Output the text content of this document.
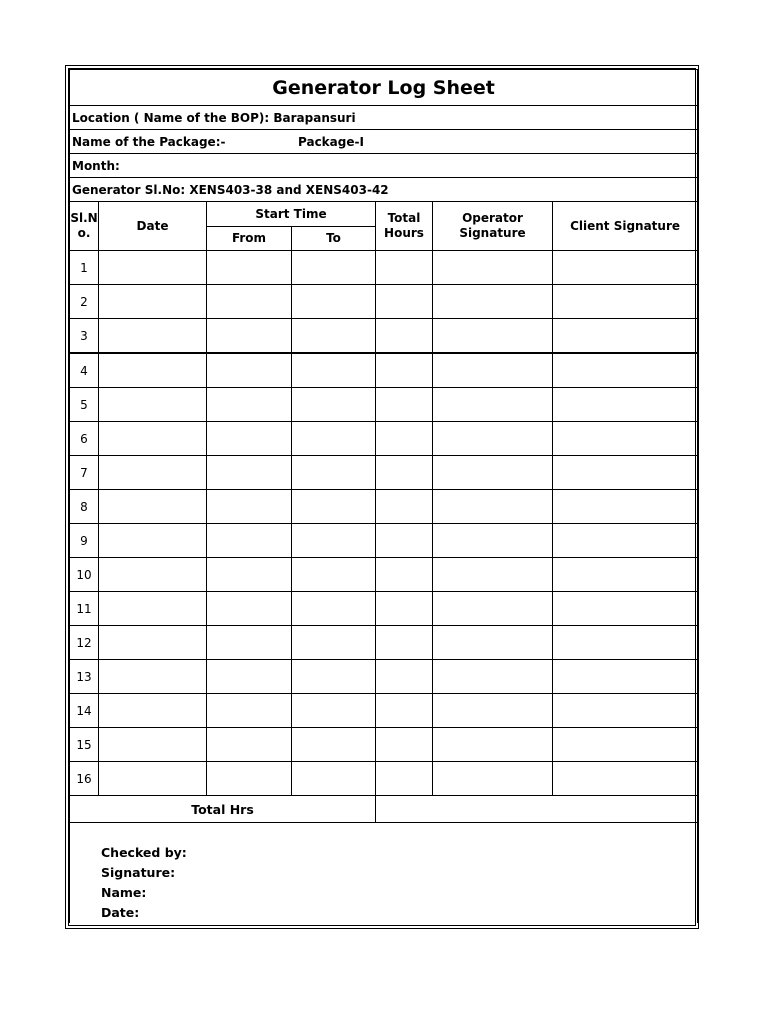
Generator Log Sheet						
Location ( Name of the BOP): Barapansuri						
Name of the Package:- Package-I						
Month:						
Generator Sl.No: XENS403-38 and XENS403-42						
Sl.No.	Date	Start Time		Total Hours	Operator Signature	Client Signature
		From	To			
1						
2						
3						
4						
5						
6						
7						
8						
9						
10						
11						
12						
13						
14						
15						
16						
Total Hrs						

Checked by:
Signature:
Name:
Date:						
